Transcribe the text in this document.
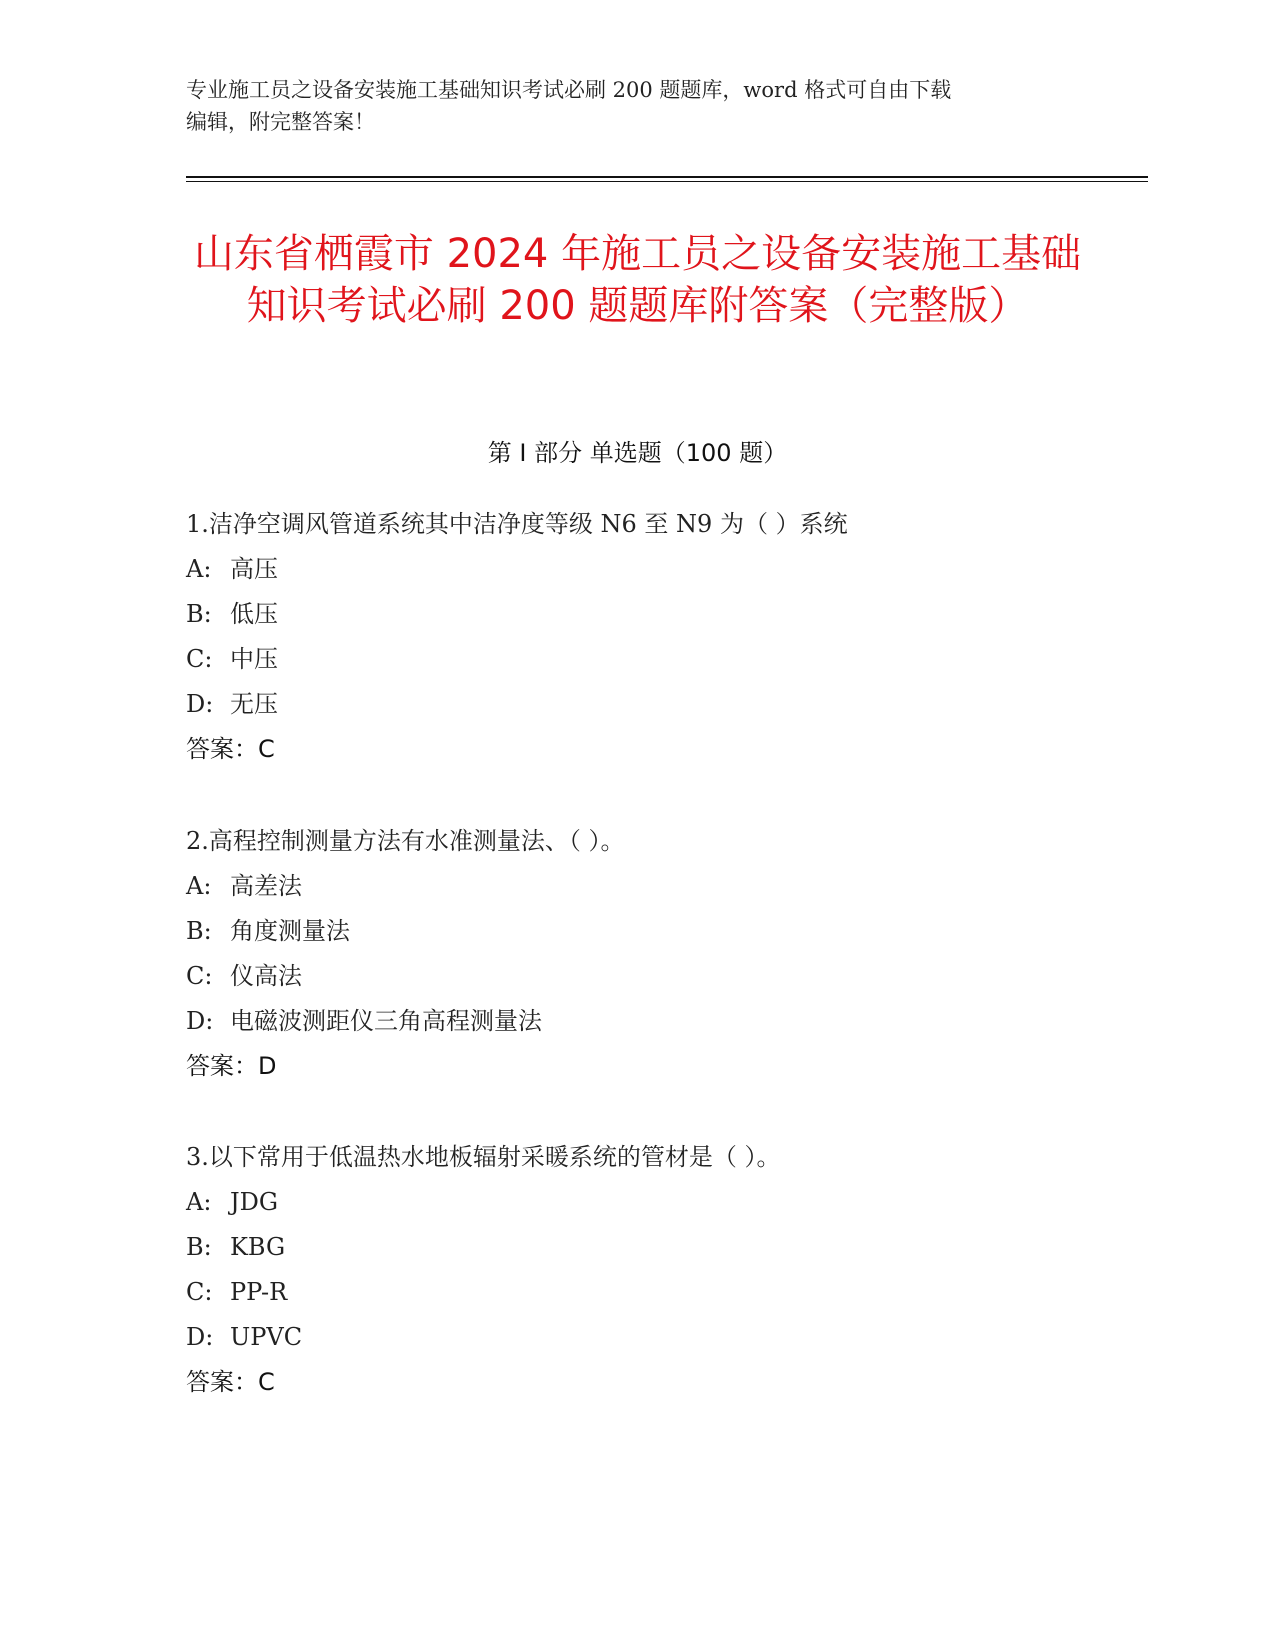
专业施工员之设备安装施工基础知识考试必刷 200 题题库，word 格式可自由下载
编辑，附完整答案！
山东省栖霞市 2024 年施工员之设备安装施工基础知识考试必刷 200 题题库附答案（完整版）
第 I 部分 单选题（100 题）
1.洁净空调风管道系统其中洁净度等级 N6 至 N9 为（ ）系统
A: 高压
B: 低压
C: 中压
D: 无压
答案：C
2.高程控制测量方法有水准测量法、（ ）。
A: 高差法
B: 角度测量法
C: 仪高法
D: 电磁波测距仪三角高程测量法
答案：D
3.以下常用于低温热水地板辐射采暖系统的管材是（ ）。
A: JDG
B: KBG
C: PP-R
D: UPVC
答案：C
